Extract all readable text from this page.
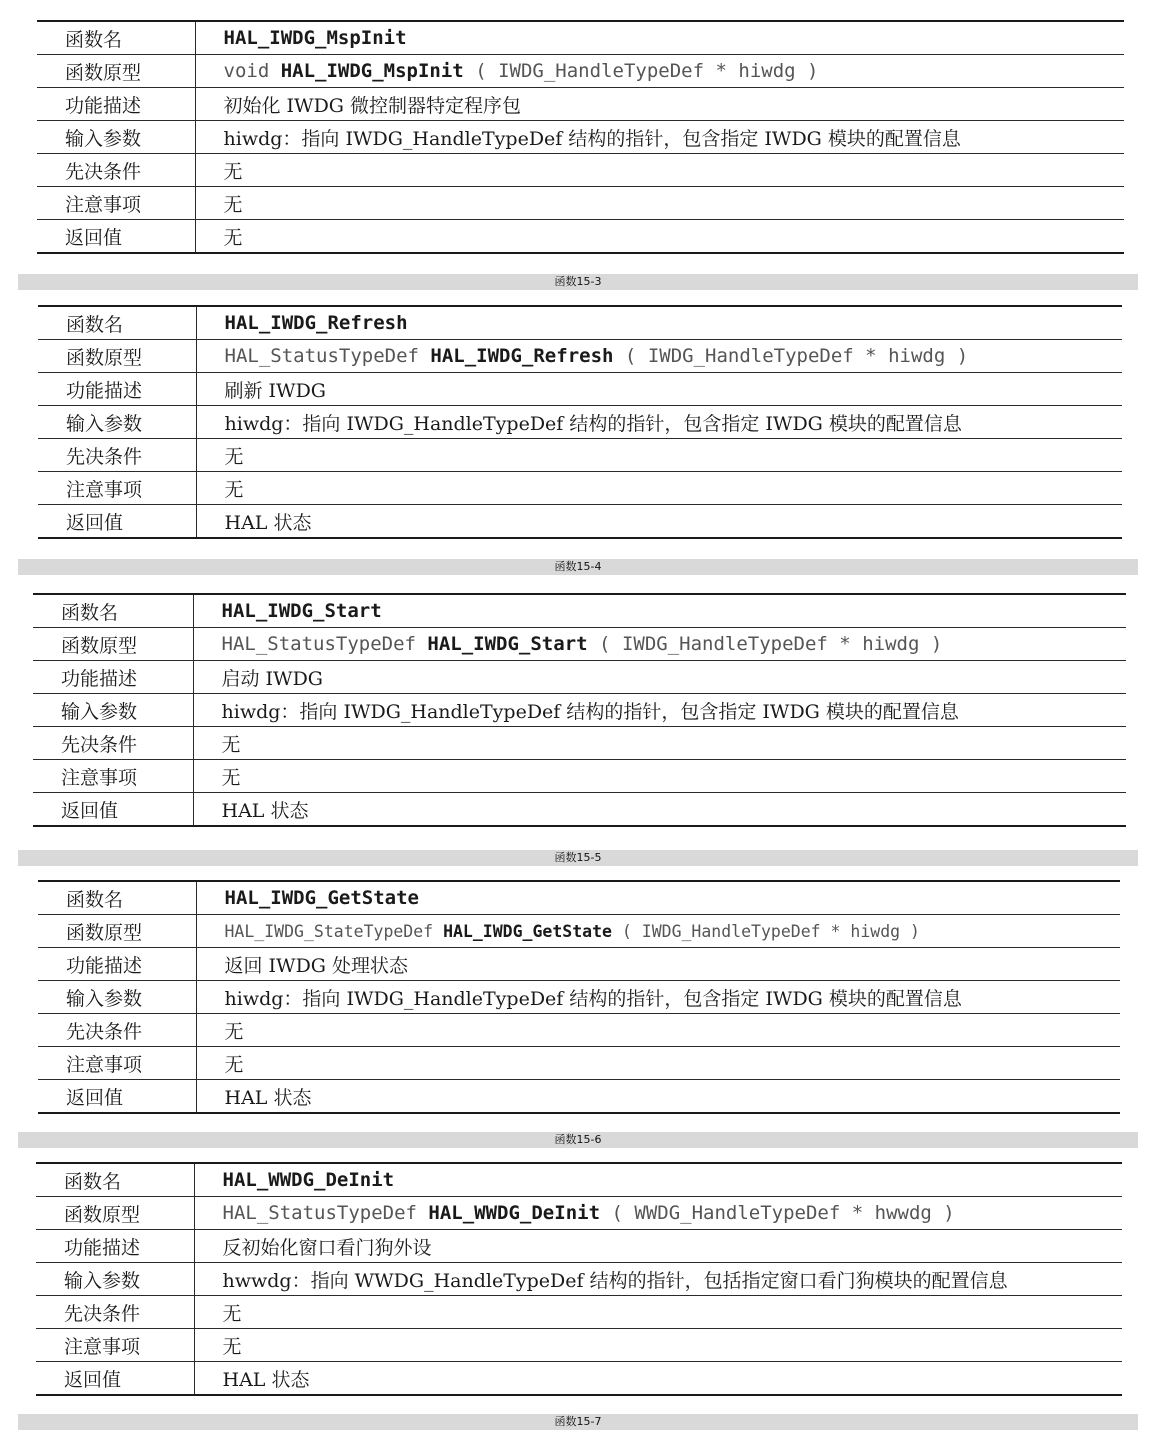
函数名	HAL_IWDG_MspInit
函数原型	void HAL_IWDG_MspInit ( IWDG_HandleTypeDef * hiwdg )
功能描述	初始化 IWDG 微控制器特定程序包
输入参数	hiwdg：指向 IWDG_HandleTypeDef 结构的指针，包含指定 IWDG 模块的配置信息
先决条件	无
注意事项	无
返回值	无
函数15-3
函数名	HAL_IWDG_Refresh
函数原型	HAL_StatusTypeDef HAL_IWDG_Refresh ( IWDG_HandleTypeDef * hiwdg )
功能描述	刷新 IWDG
输入参数	hiwdg：指向 IWDG_HandleTypeDef 结构的指针，包含指定 IWDG 模块的配置信息
先决条件	无
注意事项	无
返回值	HAL 状态
函数15-4
函数名	HAL_IWDG_Start
函数原型	HAL_StatusTypeDef HAL_IWDG_Start ( IWDG_HandleTypeDef * hiwdg )
功能描述	启动 IWDG
输入参数	hiwdg：指向 IWDG_HandleTypeDef 结构的指针，包含指定 IWDG 模块的配置信息
先决条件	无
注意事项	无
返回值	HAL 状态
函数15-5
函数名	HAL_IWDG_GetState
函数原型	HAL_IWDG_StateTypeDef HAL_IWDG_GetState ( IWDG_HandleTypeDef * hiwdg )
功能描述	返回 IWDG 处理状态
输入参数	hiwdg：指向 IWDG_HandleTypeDef 结构的指针，包含指定 IWDG 模块的配置信息
先决条件	无
注意事项	无
返回值	HAL 状态
函数15-6
函数名	HAL_WWDG_DeInit
函数原型	HAL_StatusTypeDef HAL_WWDG_DeInit ( WWDG_HandleTypeDef * hwwdg )
功能描述	反初始化窗口看门狗外设
输入参数	hwwdg：指向 WWDG_HandleTypeDef 结构的指针，包括指定窗口看门狗模块的配置信息
先决条件	无
注意事项	无
返回值	HAL 状态
函数15-7
